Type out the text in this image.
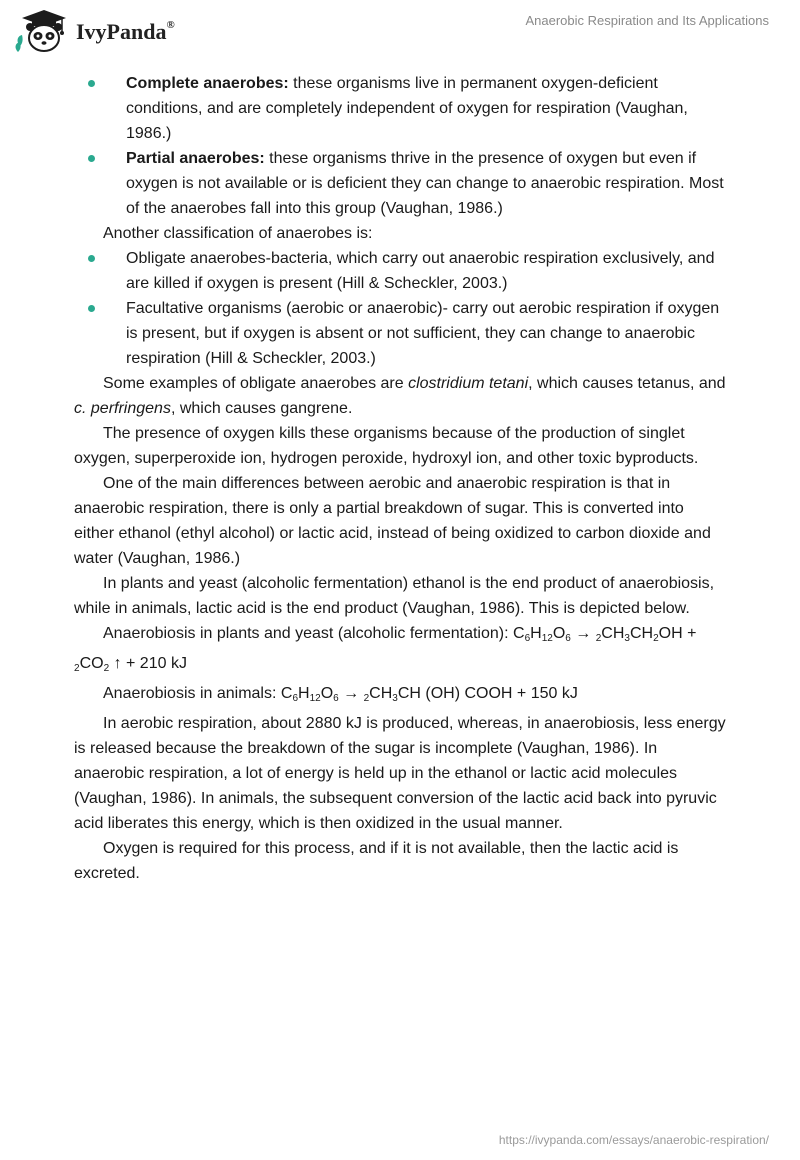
IvyPanda®	Anaerobic Respiration and Its Applications
Complete anaerobes: these organisms live in permanent oxygen-deficient conditions, and are completely independent of oxygen for respiration (Vaughan, 1986.)
Partial anaerobes: these organisms thrive in the presence of oxygen but even if oxygen is not available or is deficient they can change to anaerobic respiration. Most of the anaerobes fall into this group (Vaughan, 1986.)

Another classification of anaerobes is:

Obligate anaerobes-bacteria, which carry out anaerobic respiration exclusively, and are killed if oxygen is present (Hill & Scheckler, 2003.)
Facultative organisms (aerobic or anaerobic)- carry out aerobic respiration if oxygen is present, but if oxygen is absent or not sufficient, they can change to anaerobic respiration (Hill & Scheckler, 2003.)

Some examples of obligate anaerobes are clostridium tetani, which causes tetanus, and c. perfringens, which causes gangrene.

The presence of oxygen kills these organisms because of the production of singlet oxygen, superperoxide ion, hydrogen peroxide, hydroxyl ion, and other toxic byproducts.

One of the main differences between aerobic and anaerobic respiration is that in anaerobic respiration, there is only a partial breakdown of sugar. This is converted into either ethanol (ethyl alcohol) or lactic acid, instead of being oxidized to carbon dioxide and water (Vaughan, 1986.)

In plants and yeast (alcoholic fermentation) ethanol is the end product of anaerobiosis, while in animals, lactic acid is the end product (Vaughan, 1986). This is depicted below.

Anaerobiosis in plants and yeast (alcoholic fermentation): $C_6H_{12}O_6 \to _2CH_3CH_2OH + _2CO_2$ ↑ + 210 kJ

Anaerobiosis in animals: $C_6H_{12}O_6 \to _2CH_3CH$ (OH) COOH + 150 kJ

In aerobic respiration, about 2880 kJ is produced, whereas, in anaerobiosis, less energy is released because the breakdown of the sugar is incomplete (Vaughan, 1986). In anaerobic respiration, a lot of energy is held up in the ethanol or lactic acid molecules (Vaughan, 1986). In animals, the subsequent conversion of the lactic acid back into pyruvic acid liberates this energy, which is then oxidized in the usual manner.

Oxygen is required for this process, and if it is not available, then the lactic acid is excreted.

https://ivypanda.com/essays/anaerobic-respiration/
